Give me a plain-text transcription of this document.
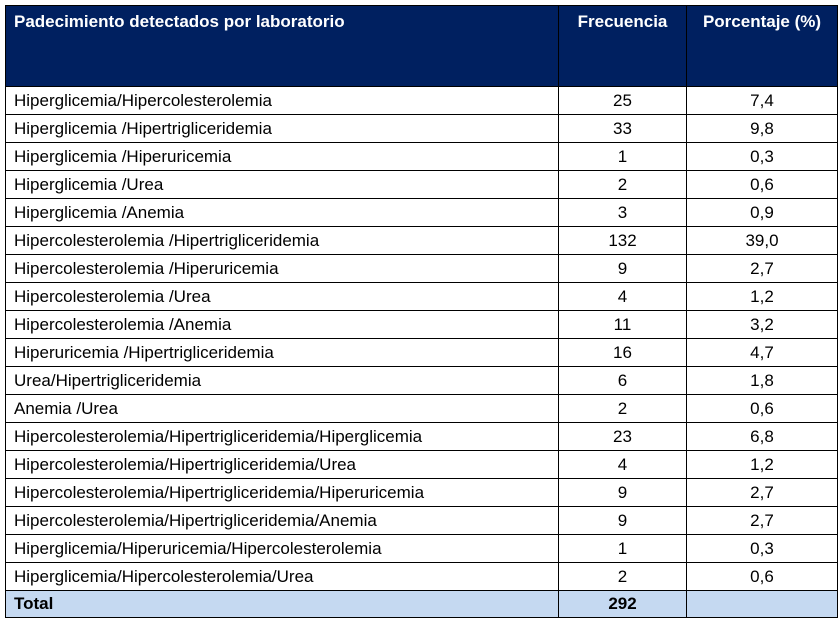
Padecimiento detectados por laboratorio	Frecuencia	Porcentaje (%)
Hiperglicemia/Hipercolesterolemia	25	7,4
Hiperglicemia /Hipertrigliceridemia	33	9,8
Hiperglicemia /Hiperuricemia	1	0,3
Hiperglicemia /Urea	2	0,6
Hiperglicemia /Anemia	3	0,9
Hipercolesterolemia /Hipertrigliceridemia	132	39,0
Hipercolesterolemia /Hiperuricemia	9	2,7
Hipercolesterolemia /Urea	4	1,2
Hipercolesterolemia /Anemia	11	3,2
Hiperuricemia /Hipertrigliceridemia	16	4,7
Urea/Hipertrigliceridemia	6	1,8
Anemia /Urea	2	0,6
Hipercolesterolemia/Hipertrigliceridemia/Hiperglicemia	23	6,8
Hipercolesterolemia/Hipertrigliceridemia/Urea	4	1,2
Hipercolesterolemia/Hipertrigliceridemia/Hiperuricemia	9	2,7
Hipercolesterolemia/Hipertrigliceridemia/Anemia	9	2,7
Hiperglicemia/Hiperuricemia/Hipercolesterolemia	1	0,3
Hiperglicemia/Hipercolesterolemia/Urea	2	0,6
Total	292	
